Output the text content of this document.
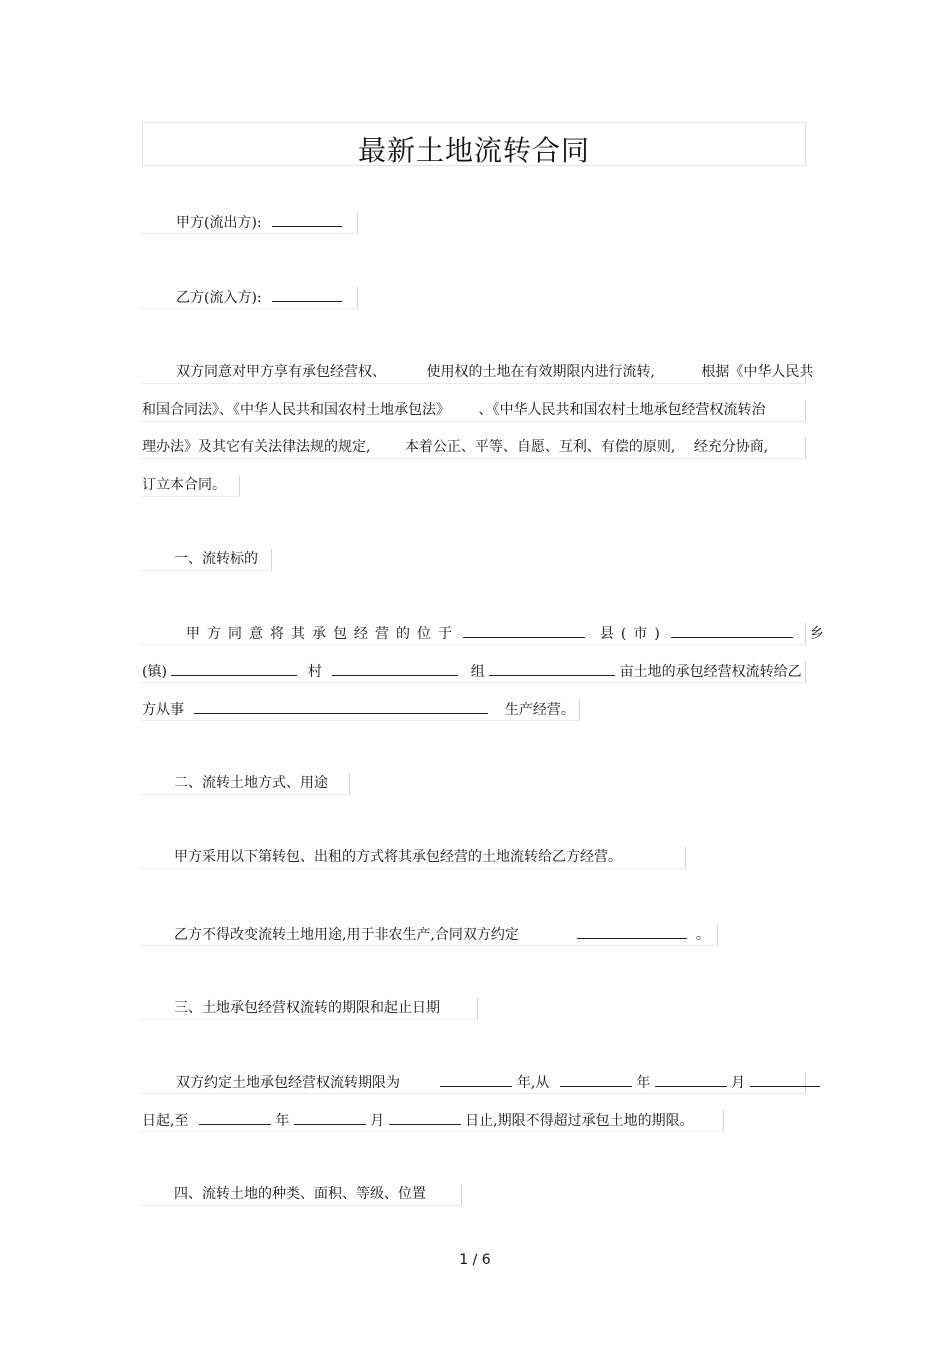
最新土地流转合同
甲方(流出方):
乙方(流入方):
双方同意对甲方享有承包经营权、	使用权的土地在有效期限内进行流转,	根据《中华人民共
和国合同法》、《中华人民共和国农村土地承包法》 、《中华人民共和国农村土地承包经营权流转治
理办法》及其它有关法律法规的规定, 本着公正、平等、自愿、互利、有偿的原则, 经充分协商,
订立本合同。
一、流转标的
甲方同意将其承包经营的位于	县(市)	乡
(镇)	村	组	亩土地的承包经营权流转给乙
方从事	生产经营。
二、流转土地方式、用途
甲方采用以下第转包、出租的方式将其承包经营的土地流转给乙方经营。
乙方不得改变流转土地用途,用于非农生产,合同双方约定	。
三、土地承包经营权流转的期限和起止日期
双方约定土地承包经营权流转期限为	年,从	年	月
日起,至	年	月	日止,期限不得超过承包土地的期限。
四、流转土地的种类、面积、等级、位置
1 / 6
